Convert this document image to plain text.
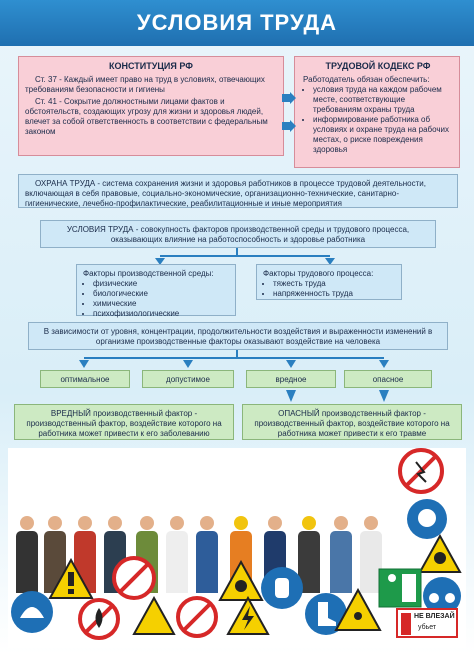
УСЛОВИЯ ТРУДА
КОНСТИТУЦИЯ РФ

Ст. 37 - Каждый имеет право на труд в условиях, отвечающих требованиям безопасности и гигиены

Ст. 41 - Сокрытие должностными лицами фактов и обстоятельств, создающих угрозу для жизни и здоровья людей, влечет за собой ответственность в соответствии с федеральным законом

ТРУДОВОЙ КОДЕКС РФ
Работодатель обязан обеспечить:
• условия труда на каждом рабочем месте, соответствующие требованиям охраны труда
• информирование работника об условиях и охране труда на рабочих местах, о риске повреждения здоровья
ОХРАНА ТРУДА - система сохранения жизни и здоровья работников в процессе трудовой деятельности, включающая в себя правовые, социально-экономические, организационно-технические, санитарно-гигиенические, лечебно-профилактические, реабилитационные и иные мероприятия
УСЛОВИЯ ТРУДА - совокупность факторов производственной среды и трудового процесса, оказывающих влияние на работоспособность и здоровье работника
Факторы производственной среды:
• физические
• биологические
• химические
• психофизиологические
Факторы трудового процесса:
• тяжесть труда
• напряженность труда
В зависимости от уровня, концентрации, продолжительности воздействия и выраженности изменений в организме производственные факторы оказывают воздействие на человека
оптимальное	допустимое	вредное	опасное
ВРЕДНЫЙ производственный фактор - производственный фактор, воздействие которого на работника может привести к его заболеванию
ОПАСНЫЙ производственный фактор - производственный фактор, воздействие которого на работника может привести к его травме
НЕ ВЛЕЗАЙ
убьет
